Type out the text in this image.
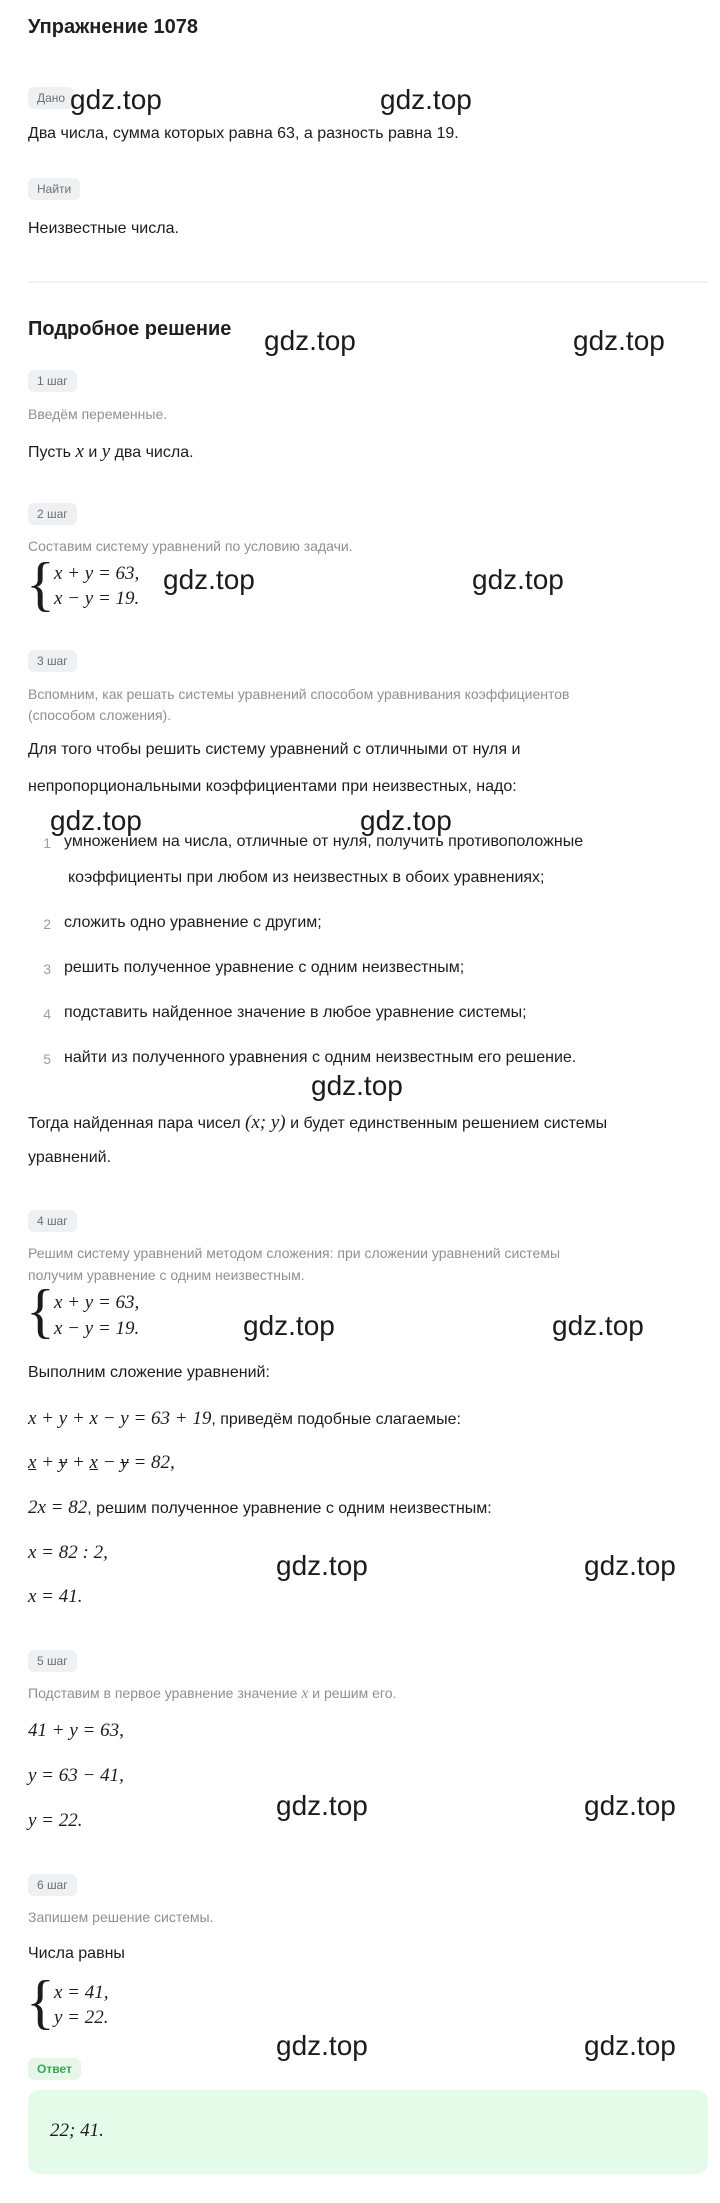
Упражнение 1078
Дано
Два числа, сумма которых равна 63, а разность равна 19.
Найти
Неизвестные числа.
Подробное решение
1 шаг
Введём переменные.
Пусть x и y два числа.
2 шаг
Составим систему уравнений по условию задачи.
{ x + y = 63,
x − y = 19.
3 шаг
Вспомним, как решать системы уравнений способом уравнивания коэффициентов
(способом сложения).
Для того чтобы решить систему уравнений с отличными от нуля и
непропорциональными коэффициентами при неизвестных, надо:
1 умножением на числа, отличные от нуля, получить противоположные
коэффициенты при любом из неизвестных в обоих уравнениях;
2 сложить одно уравнение с другим;
3 решить полученное уравнение с одним неизвестным;
4 подставить найденное значение в любое уравнение системы;
5 найти из полученного уравнения с одним неизвестным его решение.
Тогда найденная пара чисел (x; y) и будет единственным решением системы
уравнений.
4 шаг
Решим систему уравнений методом сложения: при сложении уравнений системы
получим уравнение с одним неизвестным.
{ x + y = 63,
x − y = 19.
Выполним сложение уравнений:
x + y + x − y = 63 + 19, приведём подобные слагаемые:
x + y + x − y = 82,
2x = 82, решим полученное уравнение с одним неизвестным:
x = 82 : 2,
x = 41.
5 шаг
Подставим в первое уравнение значение x и решим его.
41 + y = 63,
y = 63 − 41,
y = 22.
6 шаг
Запишем решение системы.
Числа равны
{ x = 41,
y = 22.
Ответ
22; 41.
gdz.top	gdz.top
gdz.top	gdz.top
gdz.top	gdz.top
gdz.top	gdz.top
gdz.top
gdz.top	gdz.top
gdz.top	gdz.top
gdz.top	gdz.top
gdz.top	gdz.top
